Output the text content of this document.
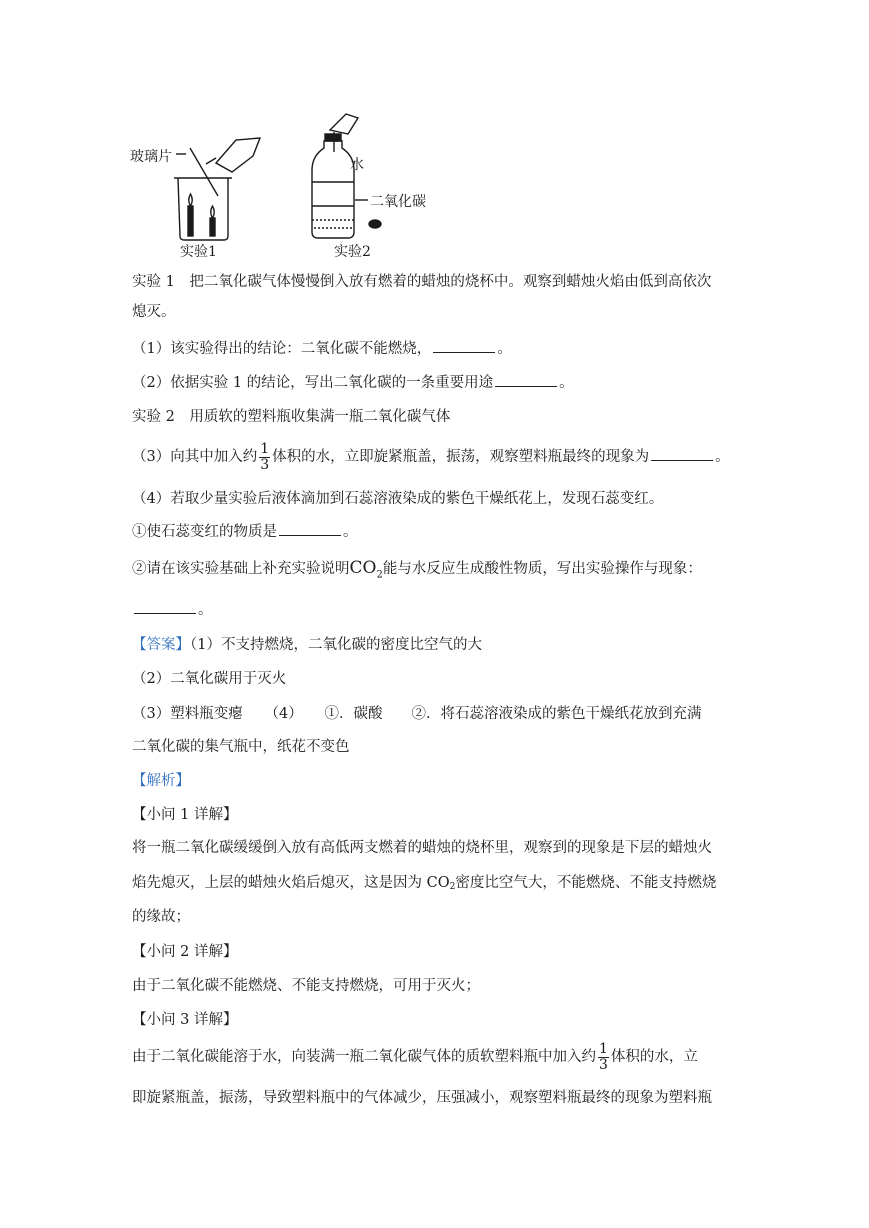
玻璃片	水
二氧化碳
实验1	实验2
实验 1　把二氧化碳气体慢慢倒入放有燃着的蜡烛的烧杯中。观察到蜡烛火焰由低到高依次
熄灭。
（1）该实验得出的结论：二氧化碳不能燃烧，	。
（2）依据实验 1 的结论，写出二氧化碳的一条重要用途	。
实验 2　用质软的塑料瓶收集满一瓶二氧化碳气体
（3）向其中加入约 $\frac{1}{3}$ 体积的水，立即旋紧瓶盖，振荡，观察塑料瓶最终的现象为	。
（4）若取少量实验后液体滴加到石蕊溶液染成的紫色干燥纸花上，发现石蕊变红。
①使石蕊变红的物质是	。
②请在该实验基础上补充实验说明$CO_2$能与水反应生成酸性物质，写出实验操作与现象：
。
【答案】（1）不支持燃烧，二氧化碳的密度比空气的大
（2）二氧化碳用于灭火
（3）塑料瓶变瘪　　（4）　　①．碳酸　　②．将石蕊溶液染成的紫色干燥纸花放到充满
二氧化碳的集气瓶中，纸花不变色
【解析】
【小问 1 详解】
将一瓶二氧化碳缓缓倒入放有高低两支燃着的蜡烛的烧杯里，观察到的现象是下层的蜡烛火
焰先熄灭，上层的蜡烛火焰后熄灭，这是因为 CO2密度比空气大，不能燃烧、不能支持燃烧
的缘故；
【小问 2 详解】
由于二氧化碳不能燃烧、不能支持燃烧，可用于灭火；
【小问 3 详解】
由于二氧化碳能溶于水，向装满一瓶二氧化碳气体的质软塑料瓶中加入约 $\frac{1}{3}$ 体积的水，立
即旋紧瓶盖，振荡，导致塑料瓶中的气体减少，压强减小，观察塑料瓶最终的现象为塑料瓶
